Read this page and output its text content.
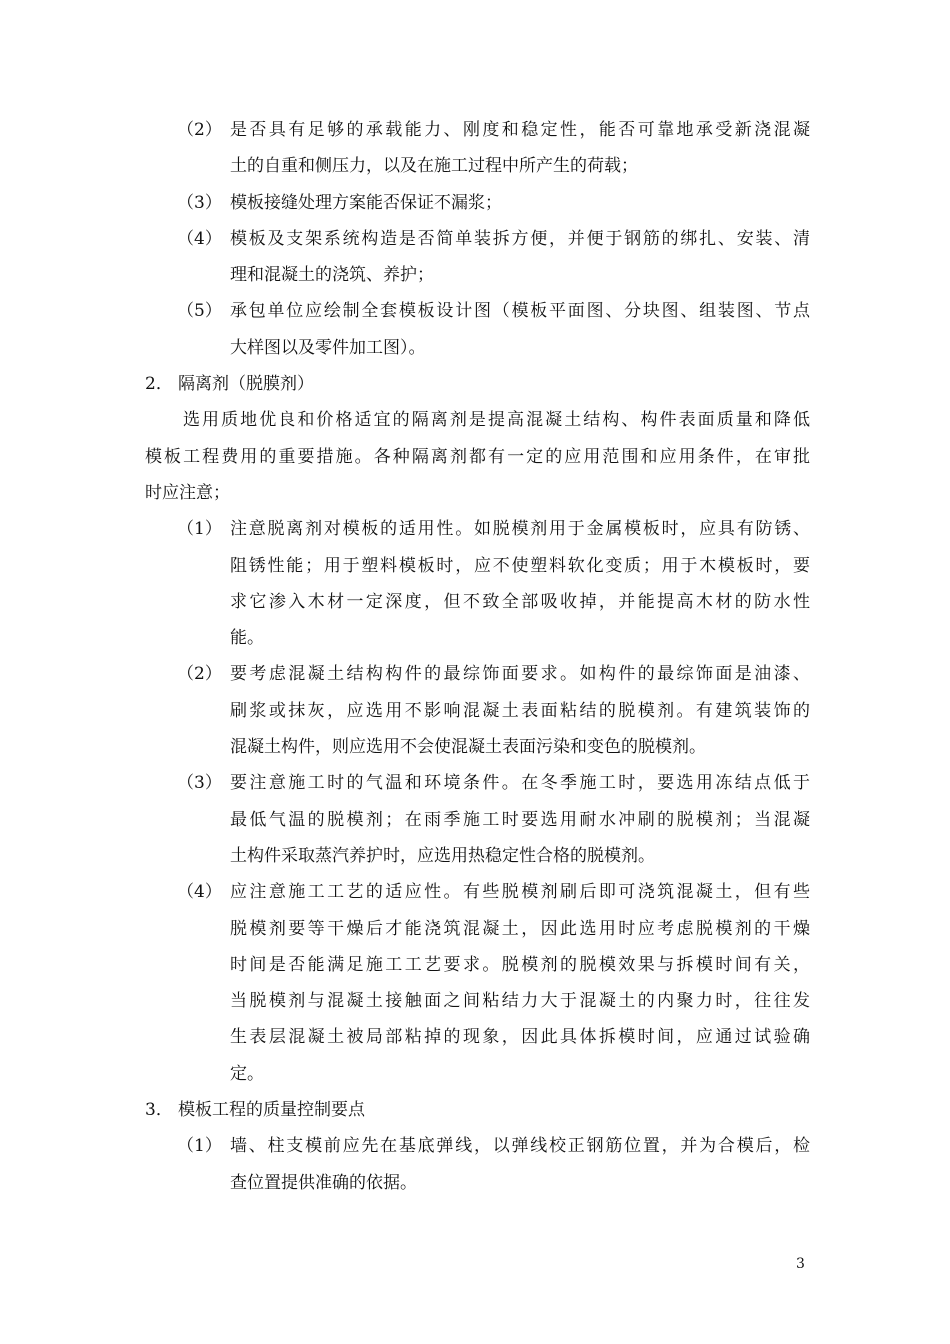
（2） 是否具有足够的承载能力、刚度和稳定性，能否可靠地承受新浇混凝
土的自重和侧压力，以及在施工过程中所产生的荷载；
（3） 模板接缝处理方案能否保证不漏浆；
（4） 模板及支架系统构造是否简单装拆方便，并便于钢筋的绑扎、安装、清
理和混凝土的浇筑、养护；
（5） 承包单位应绘制全套模板设计图（模板平面图、分块图、组装图、节点
大样图以及零件加工图）。
2． 隔离剂（脱膜剂）
选用质地优良和价格适宜的隔离剂是提高混凝土结构、构件表面质量和降低
模板工程费用的重要措施。各种隔离剂都有一定的应用范围和应用条件，在审批
时应注意；
（1） 注意脱离剂对模板的适用性。如脱模剂用于金属模板时，应具有防锈、
阻锈性能；用于塑料模板时，应不使塑料软化变质；用于木模板时，要
求它渗入木材一定深度，但不致全部吸收掉，并能提高木材的防水性
能。
（2） 要考虑混凝土结构构件的最综饰面要求。如构件的最综饰面是油漆、
刷浆或抹灰，应选用不影响混凝土表面粘结的脱模剂。有建筑装饰的
混凝土构件，则应选用不会使混凝土表面污染和变色的脱模剂。
（3） 要注意施工时的气温和环境条件。在冬季施工时，要选用冻结点低于
最低气温的脱模剂；在雨季施工时要选用耐水冲刷的脱模剂；当混凝
土构件采取蒸汽养护时，应选用热稳定性合格的脱模剂。
（4） 应注意施工工艺的适应性。有些脱模剂刷后即可浇筑混凝土，但有些
脱模剂要等干燥后才能浇筑混凝土，因此选用时应考虑脱模剂的干燥
时间是否能满足施工工艺要求。脱模剂的脱模效果与拆模时间有关，
当脱模剂与混凝土接触面之间粘结力大于混凝土的内聚力时，往往发
生表层混凝土被局部粘掉的现象，因此具体拆模时间，应通过试验确
定。
3． 模板工程的质量控制要点
（1） 墙、柱支模前应先在基底弹线，以弹线校正钢筋位置，并为合模后，检
查位置提供准确的依据。
3
